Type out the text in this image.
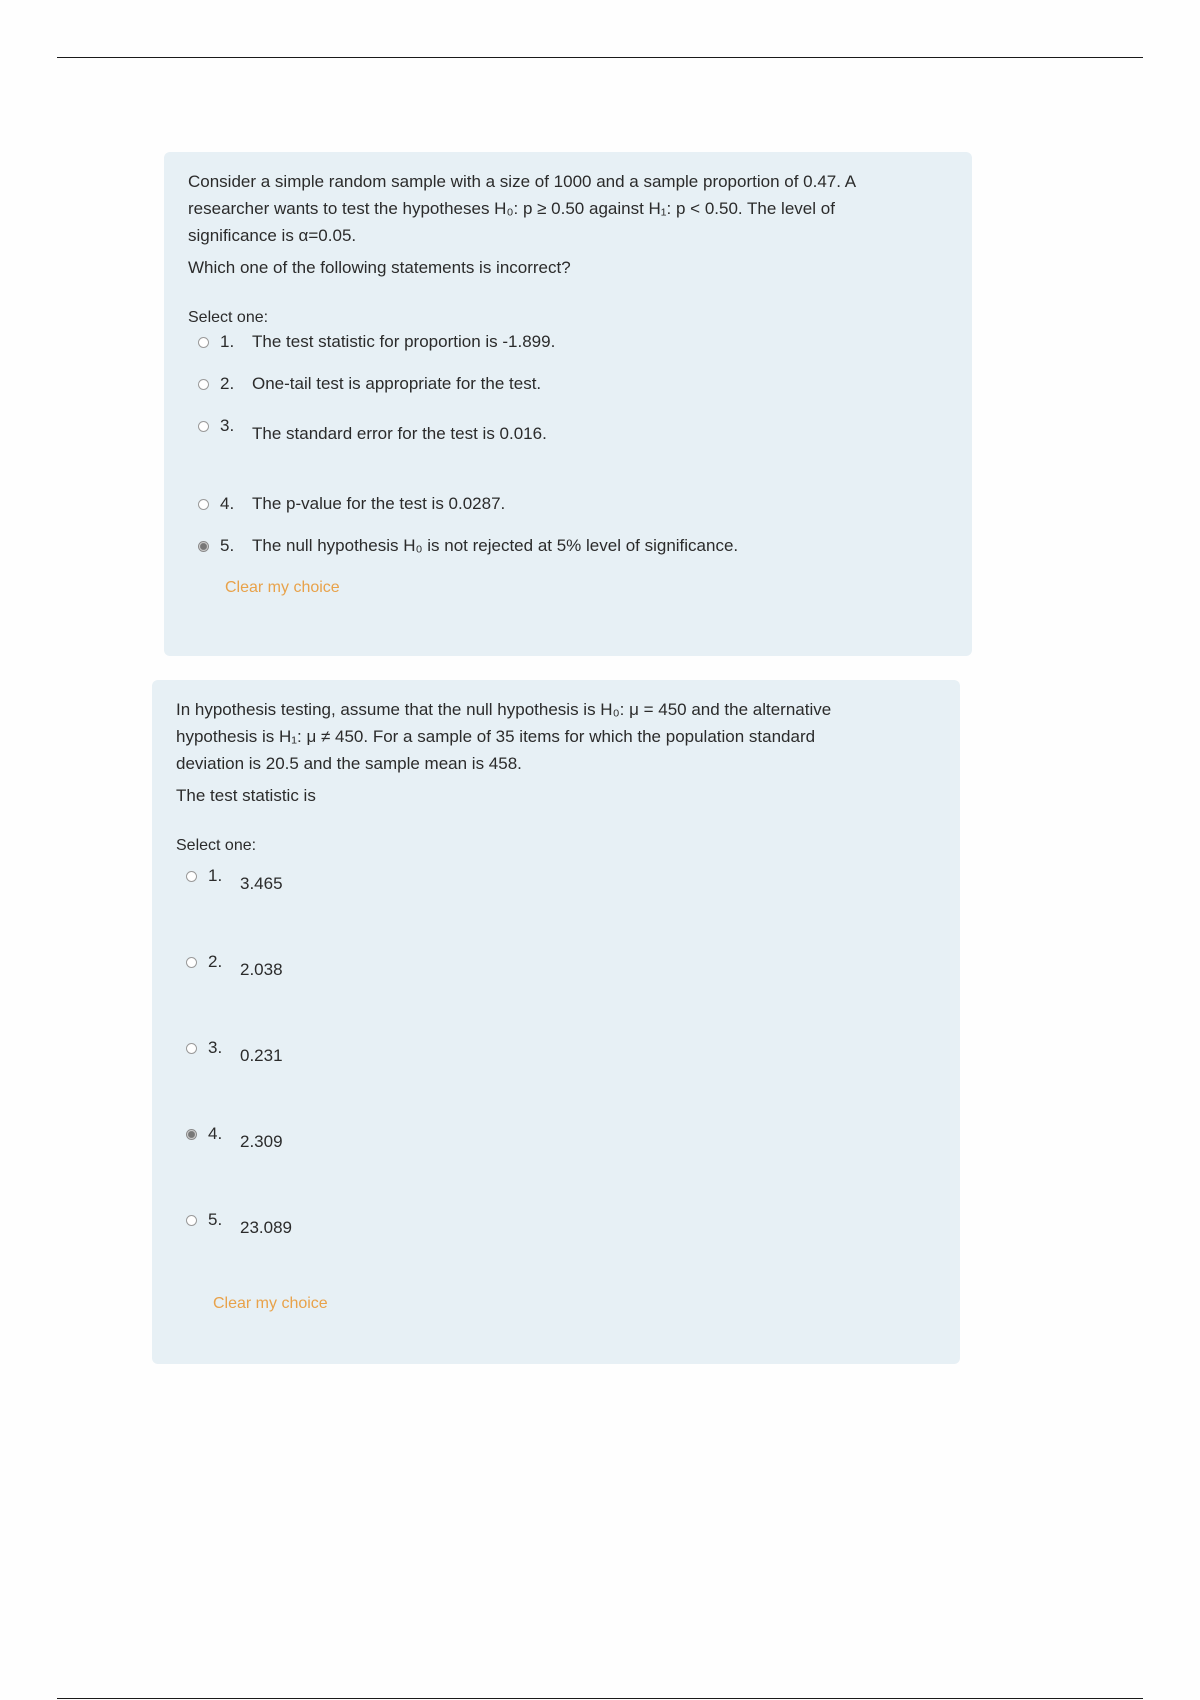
Consider a simple random sample with a size of 1000 and a sample proportion of 0.47. A

researcher wants to test the hypotheses H₀: p ≥ 0.50 against H₁: p < 0.50. The level of

significance is α=0.05.

Which one of the following statements is incorrect?

Select one:
1.	The test statistic for proportion is -1.899.
2.	One-tail test is appropriate for the test.
3.	The standard error for the test is 0.016.
4.	The p-value for the test is 0.0287.
5.	The null hypothesis H₀ is not rejected at 5% level of significance.
Clear my choice

In hypothesis testing, assume that the null hypothesis is H₀: μ = 450 and the alternative

hypothesis is H₁: μ ≠ 450. For a sample of 35 items for which the population standard

deviation is 20.5 and the sample mean is 458.

The test statistic is

Select one:
1.	3.465
2.	2.038
3.	0.231
4.	2.309
5.	23.089
Clear my choice
